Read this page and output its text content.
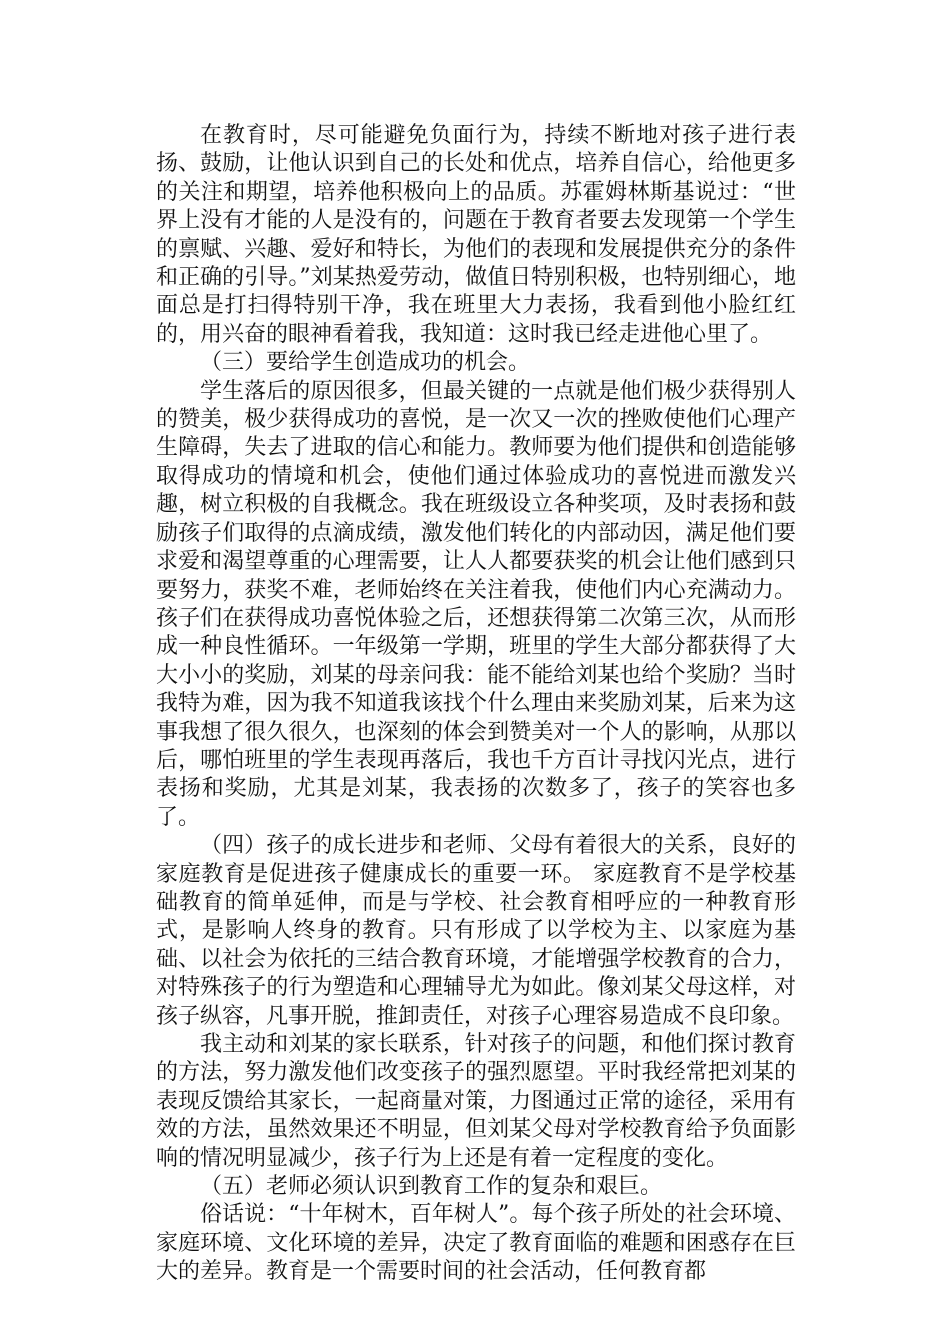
在教育时，尽可能避免负面行为，持续不断地对孩子进行表扬、鼓励，让他认识到自己的长处和优点，培养自信心，给他更多的关注和期望，培养他积极向上的品质。苏霍姆林斯基说过：“世界上没有才能的人是没有的，问题在于教育者要去发现第一个学生的禀赋、兴趣、爱好和特长，为他们的表现和发展提供充分的条件和正确的引导。”刘某热爱劳动，做值日特别积极，也特别细心，地面总是打扫得特别干净，我在班里大力表扬，我看到他小脸红红的，用兴奋的眼神看着我，我知道：这时我已经走进他心里了。

（三）要给学生创造成功的机会。

学生落后的原因很多，但最关键的一点就是他们极少获得别人的赞美，极少获得成功的喜悦，是一次又一次的挫败使他们心理产生障碍，失去了进取的信心和能力。教师要为他们提供和创造能够取得成功的情境和机会，使他们通过体验成功的喜悦进而激发兴趣，树立积极的自我概念。我在班级设立各种奖项，及时表扬和鼓励孩子们取得的点滴成绩，激发他们转化的内部动因，满足他们要求爱和渴望尊重的心理需要，让人人都要获奖的机会让他们感到只要努力，获奖不难，老师始终在关注着我，使他们内心充满动力。孩子们在获得成功喜悦体验之后，还想获得第二次第三次，从而形成一种良性循环。一年级第一学期，班里的学生大部分都获得了大大小小的奖励，刘某的母亲问我：能不能给刘某也给个奖励？当时我特为难，因为我不知道我该找个什么理由来奖励刘某，后来为这事我想了很久很久，也深刻的体会到赞美对一个人的影响，从那以后，哪怕班里的学生表现再落后，我也千方百计寻找闪光点，进行表扬和奖励，尤其是刘某，我表扬的次数多了，孩子的笑容也多了。

（四）孩子的成长进步和老师、父母有着很大的关系，良好的家庭教育是促进孩子健康成长的重要一环。 家庭教育不是学校基础教育的简单延伸，而是与学校、社会教育相呼应的一种教育形式，是影响人终身的教育。只有形成了以学校为主、以家庭为基础、以社会为依托的三结合教育环境，才能增强学校教育的合力，对特殊孩子的行为塑造和心理辅导尤为如此。像刘某父母这样，对孩子纵容，凡事开脱，推卸责任，对孩子心理容易造成不良印象。

我主动和刘某的家长联系，针对孩子的问题，和他们探讨教育的方法，努力激发他们改变孩子的强烈愿望。平时我经常把刘某的表现反馈给其家长，一起商量对策，力图通过正常的途径，采用有效的方法，虽然效果还不明显，但刘某父母对学校教育给予负面影响的情况明显减少，孩子行为上还是有着一定程度的变化。

（五）老师必须认识到教育工作的复杂和艰巨。

俗话说：“十年树木，百年树人”。每个孩子所处的社会环境、家庭环境、文化环境的差异，决定了教育面临的难题和困惑存在巨大的差异。教育是一个需要时间的社会活动，任何教育都
